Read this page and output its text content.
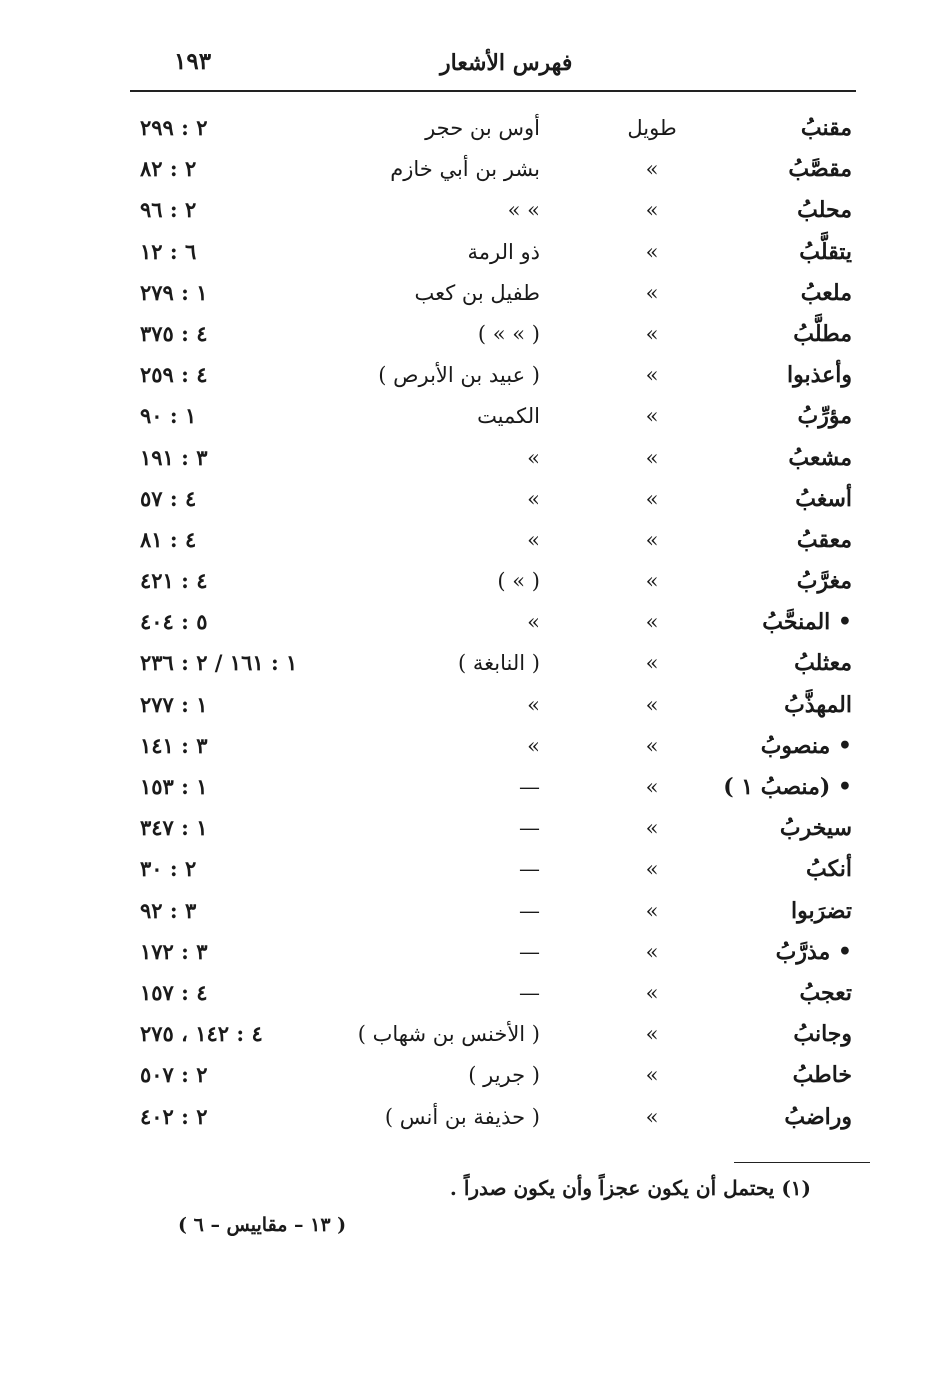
١٩٣	فهرس الأشعار
مقنبُ
طويل
أوس بن حجر
٢ : ٢٩٩
مقصَّبُ
»
بشر بن أبي خازم
٢ : ٨٢
محلبُ
»
» »
٢ : ٩٦
يتقلَّبُ
»
ذو الرمة
٦ : ١٢
ملعبُ
»
طفيل بن كعب
١ : ٢٧٩
مطلَّبُ
»
( » » )
٤ : ٣٧٥
وأعذبوا
»
( عبيد بن الأبرص )
٤ : ٢٥٩
مؤرِّبُ
»
الكميت
١ : ٩٠
مشعبُ
»
»
٣ : ١٩١
أسغبُ
»
»
٤ : ٥٧
معقبُ
»
»
٤ : ٨١
مغرَّبُ
»
( » )
٤ : ٤٢١
• المنحَّبُ
»
»
٥ : ٤٠٤
معثلبُ
»
( النابغة )
١ : ١٦١ / ٢ : ٢٣٦
المهذَّبُ
»
»
١ : ٢٧٧
• منصوبُ
»
»
٣ : ١٤١
• (منصبُ ١ )
»
—
١ : ١٥٣
سيخربُ
»
—
١ : ٣٤٧
أنكبُ
»
—
٢ : ٣٠
تضرَبوا
»
—
٣ : ٩٢
• مذرَّبُ
»
—
٣ : ١٧٢
تعجبُ
»
—
٤ : ١٥٧
وجانبُ
»
( الأخنس بن شهاب )
٤ : ١٤٢ ، ٢٧٥
خاطبُ
»
( جرير )
٢ : ٥٠٧
وراضبُ
»
( حذيفة بن أنس )
٢ : ٤٠٢
(١) يحتمل أن يكون عجزاً وأن يكون صدراً .
( ١٣ – مقاييس – ٦ )
